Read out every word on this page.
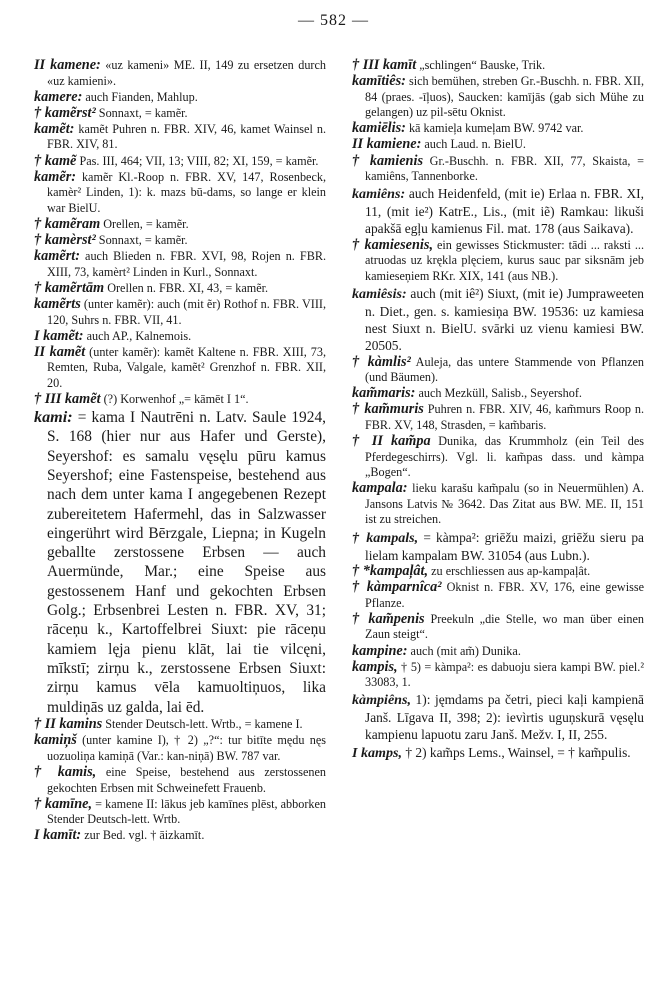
— 582 —

II kamene: «uz kameni» ME. II, 149 zu ersetzen durch «uz kamieni».

kamere: auch Fianden, Mahlup.

† kamẽrst² Sonnaxt, = kamẽr.

kamẽt: kamẽt Puhren n. FBR. XIV, 46, kamet Wainsel n. FBR. XIV, 81.

† kamẽ Pas. III, 464; VII, 13; VIII, 82; XI, 159, = kamẽr.

kamẽr: kamẽr Kl.-Roop n. FBR. XV, 147, Rosenbeck, kamèr² Linden, 1): k. mazs bū-dams, so lange er klein war BielU.

† kamẽram Orellen, = kamẽr.

† kamèrst² Sonnaxt, = kamẽr.

kamẽrt: auch Blieden n. FBR. XVI, 98, Rojen n. FBR. XIII, 73, kamèrt² Linden in Kurl., Sonnaxt.

† kamẽrtām Orellen n. FBR. XI, 43, = kamẽr.

kamẽrts (unter kamẽr): auch (mit ẽr) Rothof n. FBR. VIII, 120, Suhrs n. FBR. VII, 41.

I kamẽt: auch AP., Kalnemois.

II kamẽt (unter kamẽr): kamẽt Kaltene n. FBR. XIII, 73, Remten, Ruba, Valgale, kamẽt² Grenzhof n. FBR. XII, 20.

† III kamẽt (?) Korwenhof „= kāmēt I 1“.

kami: = kama I Nautrēni n. Latv. Saule 1924, S. 168 (hier nur aus Hafer und Gerste), Seyershof: es samalu vęsęlu pūru kamus Seyershof; eine Fastenspeise, bestehend aus nach dem unter kama I angegebenen Rezept zubereitetem Hafermehl, das in Salzwasser eingerührt wird Bērzgale, Liepna; in Kugeln geballte zerstossene Erbsen — auch Auermünde, Mar.; eine Speise aus gestossenem Hanf und gekochten Erbsen Golg.; Erbsenbrei Lesten n. FBR. XV, 31; rāceņu k., Kartoffelbrei Siuxt: pie rāceņu kamiem lęja pienu klāt, lai tie vilcęni, mīkstī; zirņu k., zerstossene Erbsen Siuxt: zirņu kamus vēla kamuoltiņuos, lika muldiņās uz galda, lai ēd.

† II kamins Stender Deutsch-lett. Wrtb., = kamene I.

kamiņš (unter kamine I), † 2) „?“: tur bitīte mędu nęs uozuoliņa kamiņā (Var.: kan-niņā) BW. 787 var.

† kamis, eine Speise, bestehend aus zerstossenen gekochten Erbsen mit Schweinefett Frauenb.

† kamīne, = kamene II: lākus jeb kamīnes plēst, abborken Stender Deutsch-lett. Wrtb.

I kamīt: zur Bed. vgl. † āizkamīt.

† III kamīt „schlingen“ Bauske, Trik.

kamītiês: sich bemühen, streben Gr.-Buschh. n. FBR. XII, 84 (praes. -īļuos), Saucken: kamījās (gab sich Mühe zu gelangen) uz pil-sētu Oknist.

kamiēlis: kā kamieļa kumeļam BW. 9742 var.

II kamiene: auch Laud. n. BielU.

† kamienis Gr.-Buschh. n. FBR. XII, 77, Skaista, = kamiêns, Tannenborke.

kamiêns: auch Heidenfeld, (mit ie) Erlaa n. FBR. XI, 11, (mit ie²) KatrE., Lis., (mit iẽ) Ramkau: likuši apakšā egļu kamienus Fil. mat. 178 (aus Saikava).

† kamiesenis, ein gewisses Stickmuster: tādi ... raksti ... atruodas uz krękla plęciem, kurus sauc par siksnām jeb kamieseņiem RKr. XIX, 141 (aus NB.).

kamiêsis: auch (mit iê²) Siuxt, (mit ie) Jumpraweeten n. Diet., gen. s. kamiesiņa BW. 19536: uz kamiesa nest Siuxt n. BielU. svārki uz vienu kamiesi BW. 20505.

† kàmlis² Auleja, das untere Stammende von Pflanzen (und Bäumen).

kam̃maris: auch Mezküll, Salisb., Seyershof.

† kam̃muris Puhren n. FBR. XIV, 46, kam̃murs Roop n. FBR. XV, 148, Strasden, = kam̃baris.

† II kam̃pa Dunika, das Krummholz (ein Teil des Pferdegeschirrs). Vgl. li. kam̃pas dass. und kàmpa „Bogen“.

kampala: lieku karašu kam̃palu (so in Neuermühlen) A. Jansons Latvis № 3642. Das Zitat aus BW. ME. II, 151 ist zu streichen.

† kampals, = kàmpa²: griēžu maizi, griēžu sieru pa lielam kampalam BW. 31054 (aus Lubn.).

† *kampaļât, zu erschliessen aus ap-kampaļât.

† kàmparnîca² Oknist n. FBR. XV, 176, eine gewisse Pflanze.

† kam̃penis Preekuln „die Stelle, wo man über einen Zaun steigt“.

kampine: auch (mit am̃) Dunika.

kampis, † 5) = kàmpa²: es dabuoju siera kampi BW. piel.² 33083, 1.

kàmpiêns, 1): jęmdams pa četri, pieci kaļi kampienā Janš. Līgava II, 398; 2): ievìrtis uguņskurā vęsęlu kampienu lapuotu zaru Janš. Mežv. I, II, 255.

I kamps, † 2) kam̃ps Lems., Wainsel, = † kam̃pulis.
